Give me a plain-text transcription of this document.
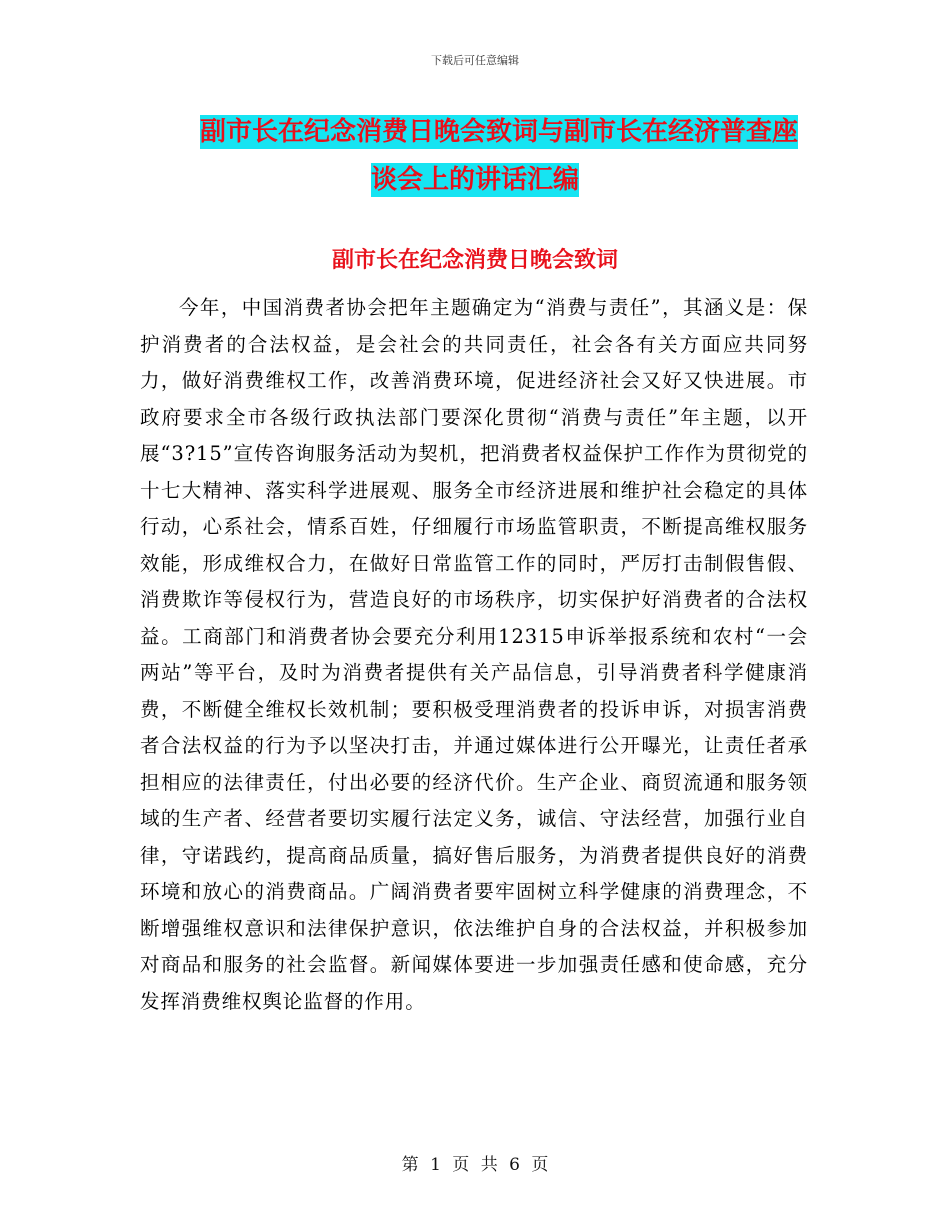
下载后可任意编辑
副市长在纪念消费日晚会致词与副市长在经济普查座
谈会上的讲话汇编
副市长在纪念消费日晚会致词

今年，中国消费者协会把年主题确定为“消费与责任”，其涵义是：保护消费者的合法权益，是会社会的共同责任，社会各有关方面应共同努力，做好消费维权工作，改善消费环境，促进经济社会又好又快进展。市政府要求全市各级行政执法部门要深化贯彻“消费与责任”年主题，以开展“3?15”宣传咨询服务活动为契机，把消费者权益保护工作作为贯彻党的十七大精神、落实科学进展观、服务全市经济进展和维护社会稳定的具体行动，心系社会，情系百姓，仔细履行市场监管职责，不断提高维权服务效能，形成维权合力，在做好日常监管工作的同时，严厉打击制假售假、消费欺诈等侵权行为，营造良好的市场秩序，切实保护好消费者的合法权益。工商部门和消费者协会要充分利用12315申诉举报系统和农村“一会两站”等平台，及时为消费者提供有关产品信息，引导消费者科学健康消费，不断健全维权长效机制；要积极受理消费者的投诉申诉，对损害消费者合法权益的行为予以坚决打击，并通过媒体进行公开曝光，让责任者承担相应的法律责任，付出必要的经济代价。生产企业、商贸流通和服务领域的生产者、经营者要切实履行法定义务，诚信、守法经营，加强行业自律，守诺践约，提高商品质量，搞好售后服务，为消费者提供良好的消费环境和放心的消费商品。广阔消费者要牢固树立科学健康的消费理念，不断增强维权意识和法律保护意识，依法维护自身的合法权益，并积极参加对商品和服务的社会监督。新闻媒体要进一步加强责任感和使命感，充分发挥消费维权舆论监督的作用。

第 1 页 共 6 页
